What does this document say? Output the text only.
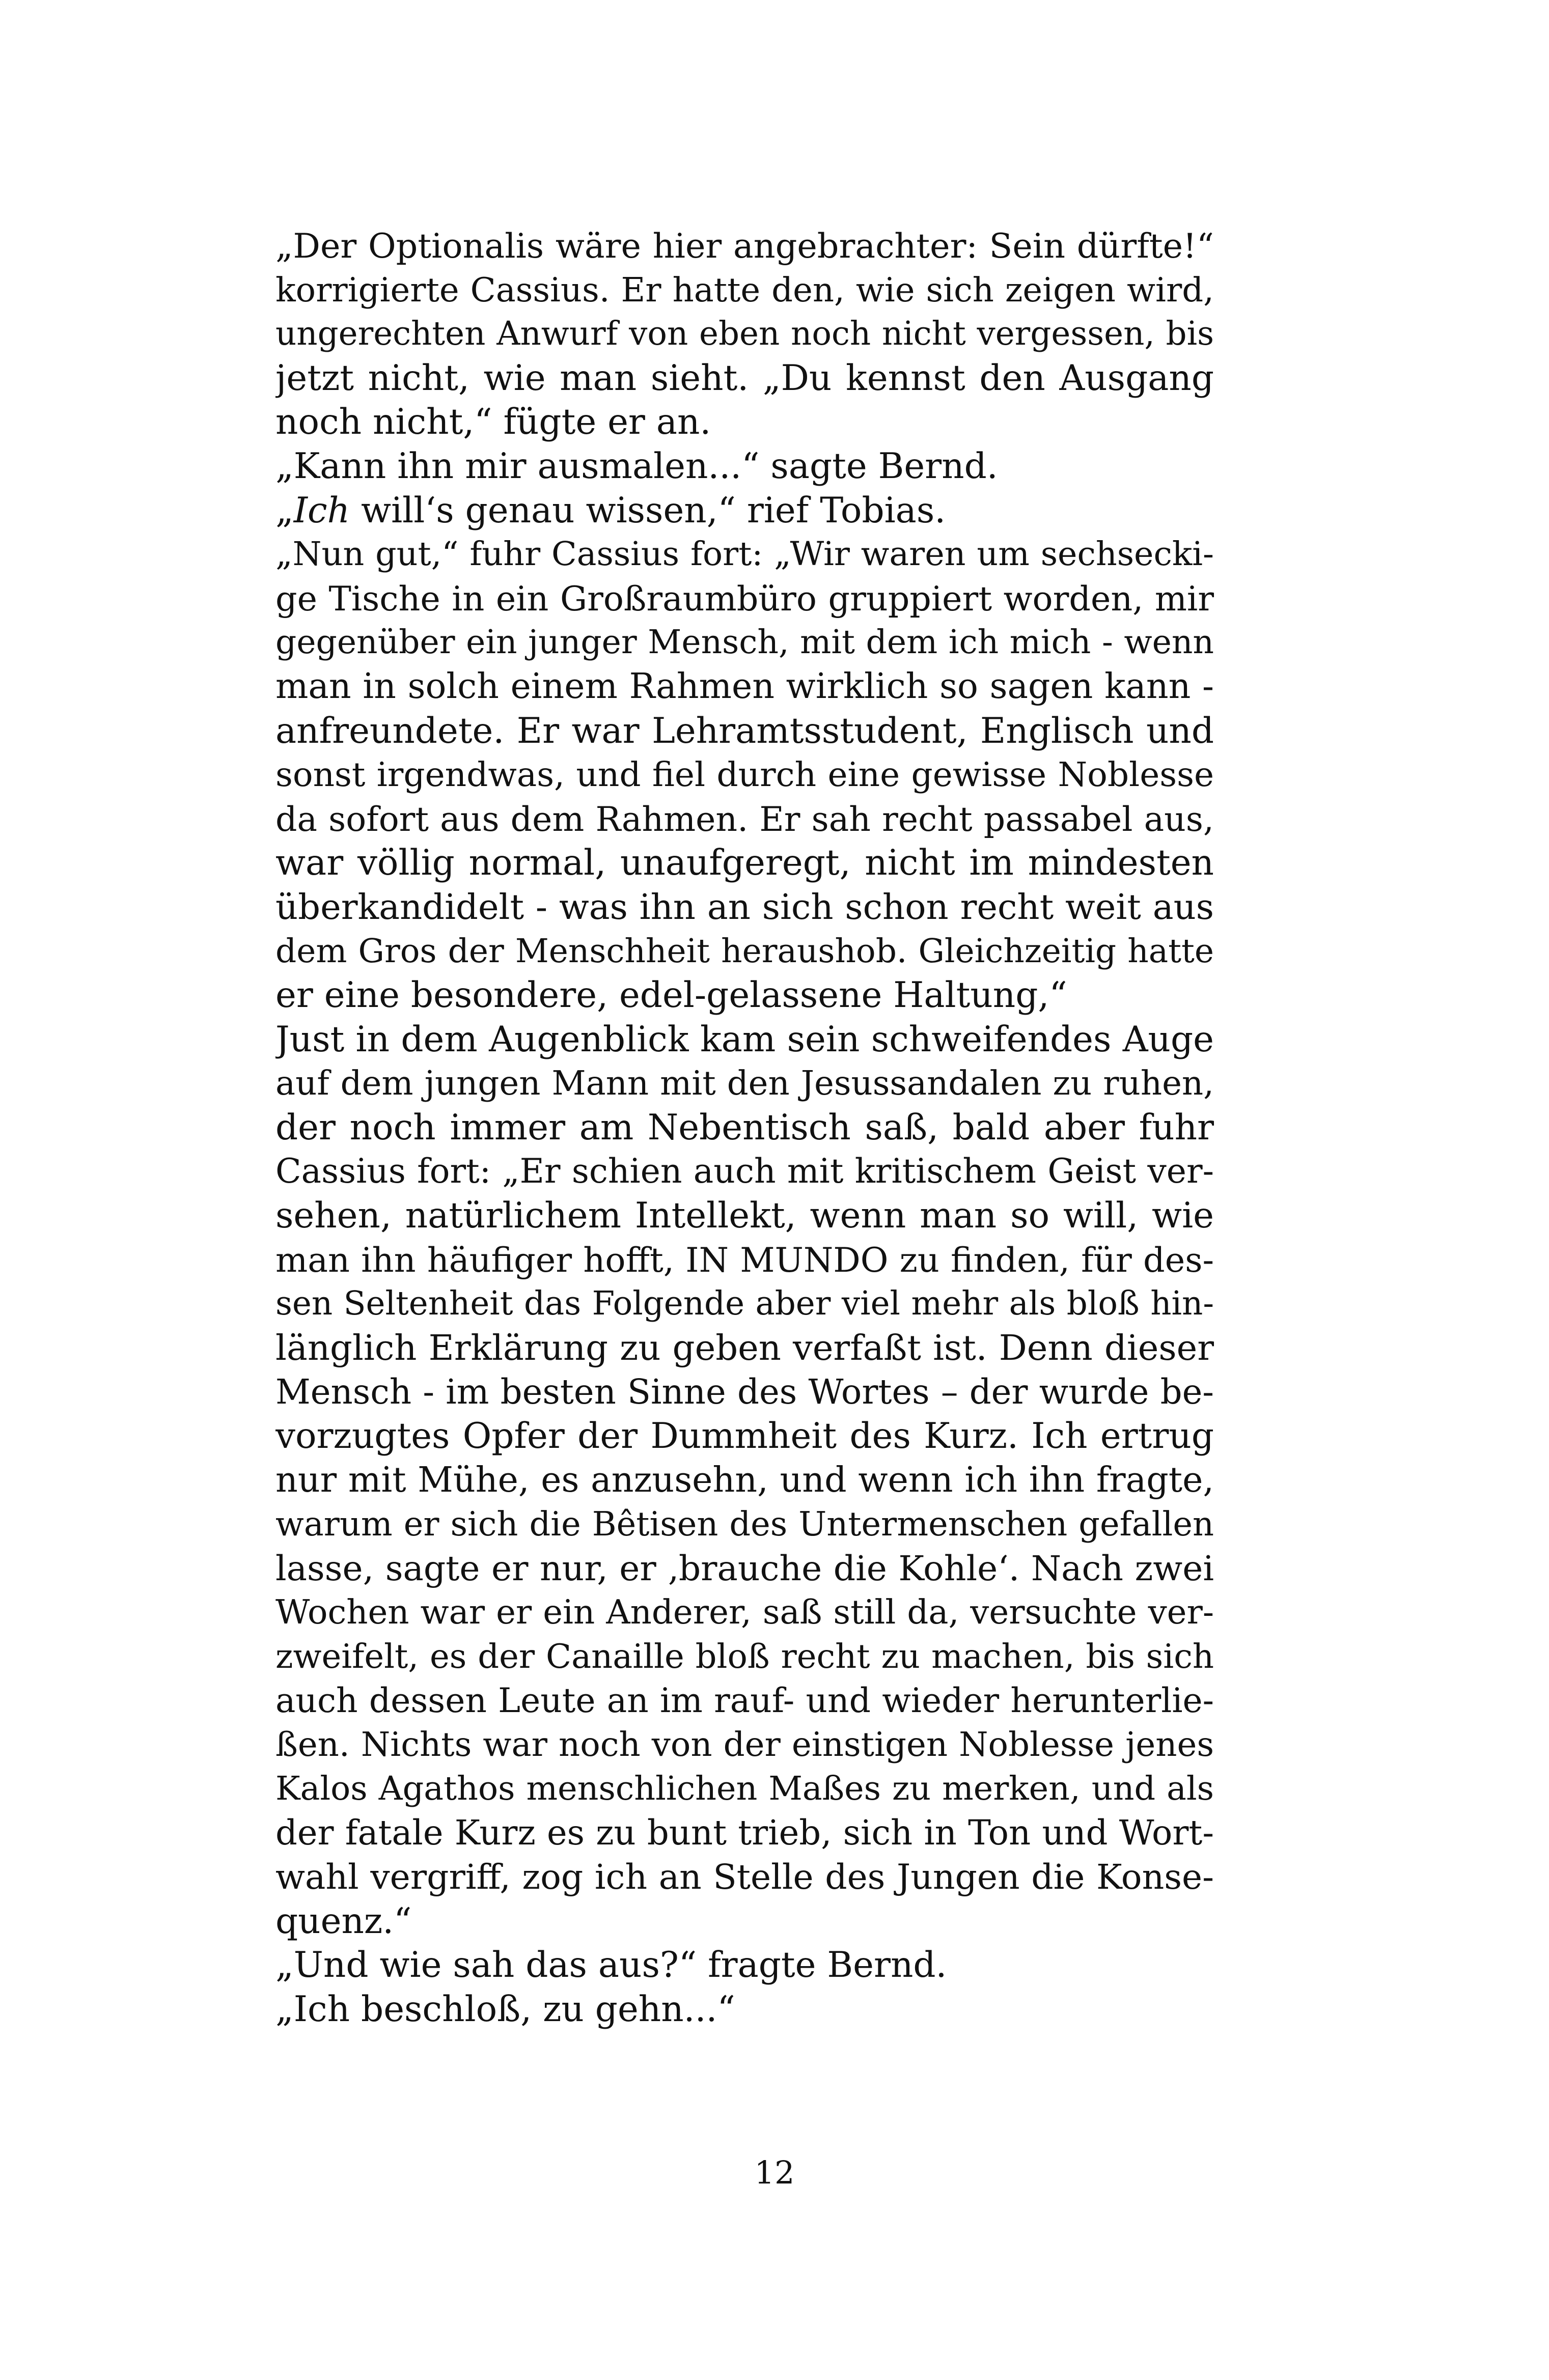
„Der Optionalis wäre hier angebrachter: Sein dürfte!“
korrigierte Cassius. Er hatte den, wie sich zeigen wird,
ungerechten Anwurf von eben noch nicht vergessen, bis
jetzt nicht, wie man sieht. „Du kennst den Ausgang
noch nicht,“ fügte er an.
„Kann ihn mir ausmalen...“ sagte Bernd.
„Ich will‘s genau wissen,“ rief Tobias.
„Nun gut,“ fuhr Cassius fort: „Wir waren um sechsecki-
ge Tische in ein Großraumbüro gruppiert worden, mir
gegenüber ein junger Mensch, mit dem ich mich - wenn
man in solch einem Rahmen wirklich so sagen kann -
anfreundete. Er war Lehramtsstudent, Englisch und
sonst irgendwas, und fiel durch eine gewisse Noblesse
da sofort aus dem Rahmen. Er sah recht passabel aus,
war völlig normal, unaufgeregt, nicht im mindesten
überkandidelt - was ihn an sich schon recht weit aus
dem Gros der Menschheit heraushob. Gleichzeitig hatte
er eine besondere, edel-gelassene Haltung,“
Just in dem Augenblick kam sein schweifendes Auge
auf dem jungen Mann mit den Jesussandalen zu ruhen,
der noch immer am Nebentisch saß, bald aber fuhr
Cassius fort: „Er schien auch mit kritischem Geist ver-
sehen, natürlichem Intellekt, wenn man so will, wie
man ihn häufiger hofft, IN MUNDO zu finden, für des-
sen Seltenheit das Folgende aber viel mehr als bloß hin-
länglich Erklärung zu geben verfaßt ist. Denn dieser
Mensch - im besten Sinne des Wortes – der wurde be-
vorzugtes Opfer der Dummheit des Kurz. Ich ertrug
nur mit Mühe, es anzusehn, und wenn ich ihn fragte,
warum er sich die Bêtisen des Untermenschen gefallen
lasse, sagte er nur, er ‚brauche die Kohle‘. Nach zwei
Wochen war er ein Anderer, saß still da, versuchte ver-
zweifelt, es der Canaille bloß recht zu machen, bis sich
auch dessen Leute an im rauf- und wieder herunterlie-
ßen. Nichts war noch von der einstigen Noblesse jenes
Kalos Agathos menschlichen Maßes zu merken, und als
der fatale Kurz es zu bunt trieb, sich in Ton und Wort-
wahl vergriff, zog ich an Stelle des Jungen die Konse-
quenz.“
„Und wie sah das aus?“ fragte Bernd.
„Ich beschloß, zu gehn...“
12
